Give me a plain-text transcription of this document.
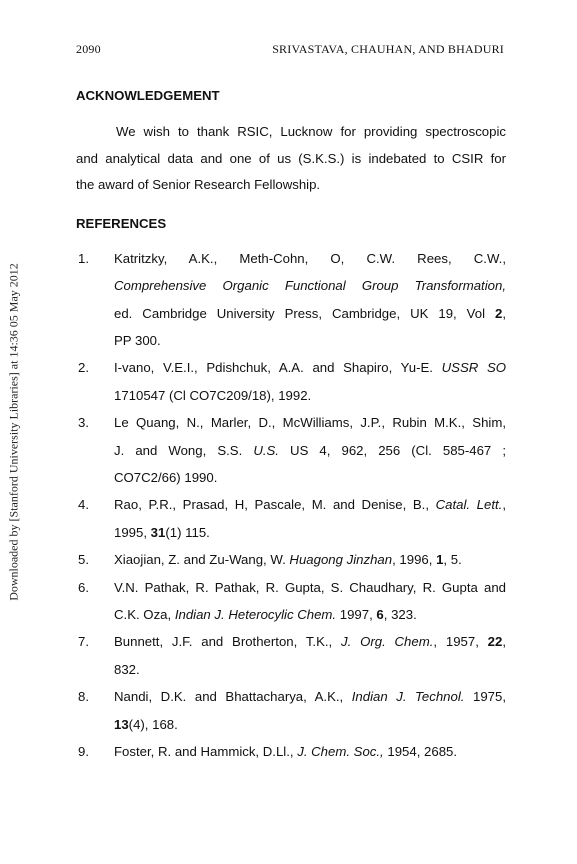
2090	SRIVASTAVA, CHAUHAN, AND BHADURI
Downloaded by [Stanford University Libraries] at 14:36 05 May 2012
ACKNOWLEDGEMENT
We wish to thank RSIC, Lucknow for providing spectroscopic
and analytical data and one of us (S.K.S.) is indebated to CSIR for
the award of Senior Research Fellowship.
REFERENCES
1.	Katritzky, A.K., Meth-Cohn, O, C.W. Rees, C.W.,
Comprehensive Organic Functional Group Transformation,
ed. Cambridge University Press, Cambridge, UK 19, Vol 2,
PP 300.
2.	I-vano, V.E.I., Pdishchuk, A.A. and Shapiro, Yu-E. USSR SO
1710547 (Cl CO7C209/18), 1992.
3.	Le Quang, N., Marler, D., McWilliams, J.P., Rubin M.K., Shim,
J. and Wong, S.S. U.S. US 4, 962, 256 (Cl. 585-467 ;
CO7C2/66) 1990.
4.	Rao, P.R., Prasad, H, Pascale, M. and Denise, B., Catal. Lett.,
1995, 31(1) 115.
5.	Xiaojian, Z. and Zu-Wang, W. Huagong Jinzhan, 1996, 1, 5.
6.	V.N. Pathak, R. Pathak, R. Gupta, S. Chaudhary, R. Gupta and
C.K. Oza, Indian J. Heterocylic Chem. 1997, 6, 323.
7.	Bunnett, J.F. and Brotherton, T.K., J. Org. Chem., 1957, 22,
832.
8.	Nandi, D.K. and Bhattacharya, A.K., Indian J. Technol. 1975,
13(4), 168.
9.	Foster, R. and Hammick, D.Ll., J. Chem. Soc., 1954, 2685.
